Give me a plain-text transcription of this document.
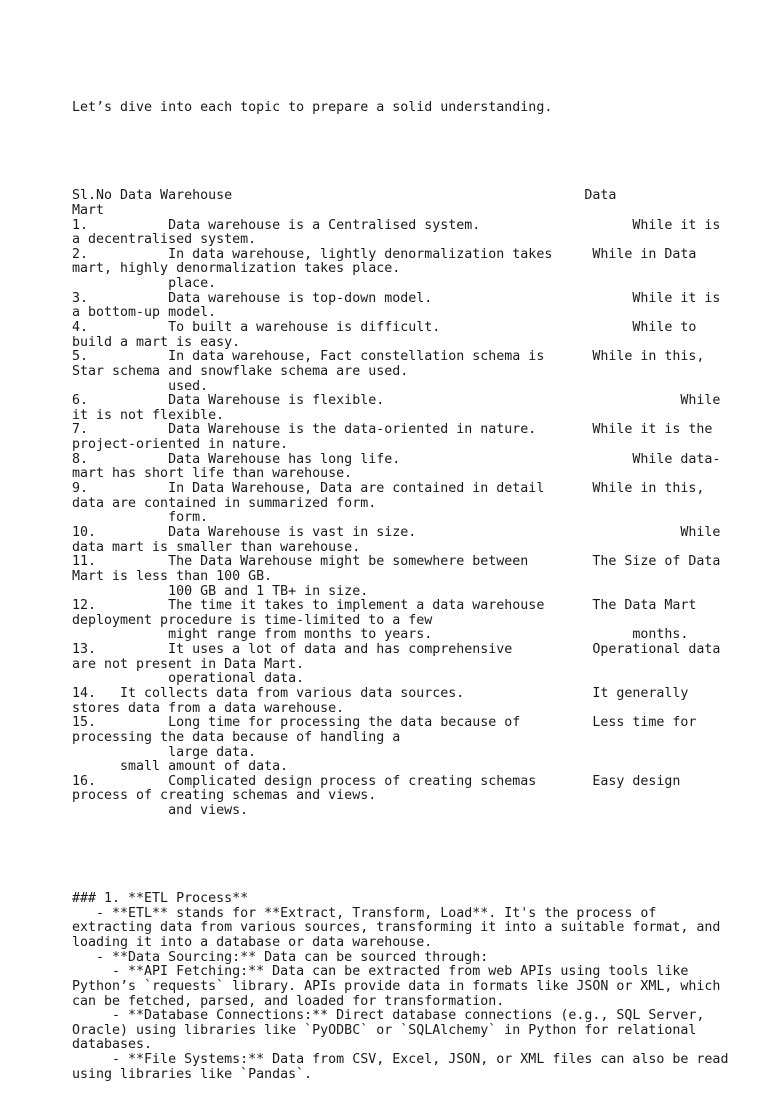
Let’s dive into each topic to prepare a solid understanding.

Sl.No Data Warehouse                                            Data
Mart
1.          Data warehouse is a Centralised system.                   While it is
a decentralised system.
2.          In data warehouse, lightly denormalization takes     While in Data
mart, highly denormalization takes place.
place.
3.          Data warehouse is top-down model.                         While it is
a bottom-up model.
4.          To built a warehouse is difficult.                        While to
build a mart is easy.
5.          In data warehouse, Fact constellation schema is      While in this,
Star schema and snowflake schema are used.
used.
6.          Data Warehouse is flexible.                                     While
it is not flexible.
7.          Data Warehouse is the data-oriented in nature.       While it is the
project-oriented in nature.
8.          Data Warehouse has long life.                             While data-
mart has short life than warehouse.
9.          In Data Warehouse, Data are contained in detail      While in this,
data are contained in summarized form.
form.
10.         Data Warehouse is vast in size.                                 While
data mart is smaller than warehouse.
11.         The Data Warehouse might be somewhere between        The Size of Data
Mart is less than 100 GB.
100 GB and 1 TB+ in size.
12.         The time it takes to implement a data warehouse      The Data Mart
deployment procedure is time-limited to a few
might range from months to years.                         months.
13.         It uses a lot of data and has comprehensive          Operational data
are not present in Data Mart.
operational data.
14.   It collects data from various data sources.                It generally
stores data from a data warehouse.
15.         Long time for processing the data because of         Less time for
processing the data because of handling a
large data.
small amount of data.
16.         Complicated design process of creating schemas       Easy design
process of creating schemas and views.
and views.

### 1. **ETL Process**
- **ETL** stands for **Extract, Transform, Load**. It's the process of
extracting data from various sources, transforming it into a suitable format, and
loading it into a database or data warehouse.
- **Data Sourcing:** Data can be sourced through:
- **API Fetching:** Data can be extracted from web APIs using tools like
Python’s `requests` library. APIs provide data in formats like JSON or XML, which
can be fetched, parsed, and loaded for transformation.
- **Database Connections:** Direct database connections (e.g., SQL Server,
Oracle) using libraries like `PyODBC` or `SQLAlchemy` in Python for relational
databases.
- **File Systems:** Data from CSV, Excel, JSON, or XML files can also be read
using libraries like `Pandas`.
